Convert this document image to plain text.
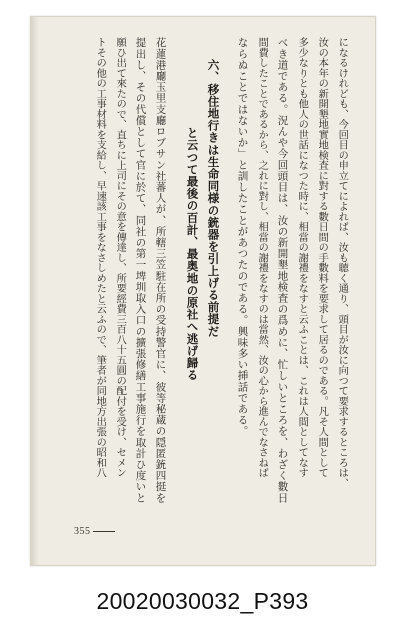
になるけれども、今回目の申立てによれば、汝も聴く通り、頭目が汝に向つて要求するところは、
汝の本年の新開墾地實地検査に對する數日間の手數料を要求して居るのである。凡そ人間として
多少なりとも他人の世話になつた時に、相當の謝禮をなすと云ふことは、これは人間としてなす
べき道である。況んや今回頭目は、汝の新開墾地検査の爲めに、忙しいところを、わざく數日
間費したことであるから、之れに對し、相當の謝禮をなすのは當然、汝の心から進んでなさねば
ならぬことではないか」と訓したことがあつたのである。興味多い挿話である。
六、移住地行きは生命同様の銃器を引上げる前提だ
と云つて最後の百計、最奥地の原社へ逃げ歸る
花蓮港廳玉里支廳ロブサン社蕃人が、所轄三笠駐在所の受持警官に、彼等秘蔵の隠匿銃四挺を
提出し、その代償として官に於て、同社の第一埤圳取入口の擴張修繕工事施行を取計ひ度いと
願ひ出て來たので、直ちに上司にその意を傳達し、所要經費三百八十五圓の配付を受け、セメン
トその他の工事材料を支給し、早速該工事をなさしめたと云ふので、筆者が同地方出張の昭和八
355
20020030032_P393
